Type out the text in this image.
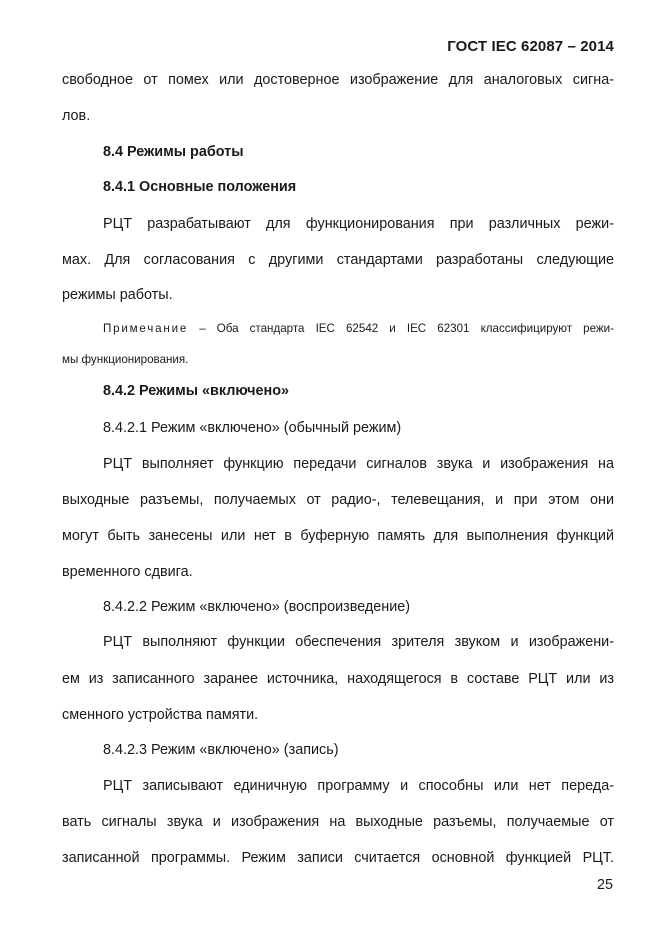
ГОСТ IEC 62087 – 2014
свободное от помех или достоверное изображение для аналоговых сигна-
лов.
8.4 Режимы работы
8.4.1 Основные положения
РЦТ разрабатывают для функционирования при различных режи-
мах. Для согласования с другими стандартами разработаны следующие
режимы работы.
Примечание – Оба стандарта IEC 62542 и IEC 62301 классифицируют режи-
мы функционирования.
8.4.2 Режимы «включено»
8.4.2.1 Режим «включено» (обычный режим)
РЦТ выполняет функцию передачи сигналов звука и изображения на
выходные разъемы, получаемых от радио-, телевещания, и при этом они
могут быть занесены или нет в буферную память для выполнения функций
временного сдвига.
8.4.2.2 Режим «включено» (воспроизведение)
РЦТ выполняют функции обеспечения зрителя звуком и изображени-
ем из записанного заранее источника, находящегося в составе РЦТ или из
сменного устройства памяти.
8.4.2.3 Режим «включено» (запись)
РЦТ записывают единичную программу и способны или нет переда-
вать сигналы звука и изображения на выходные разъемы, получаемые от
записанной программы. Режим записи считается основной функцией РЦТ.
25
